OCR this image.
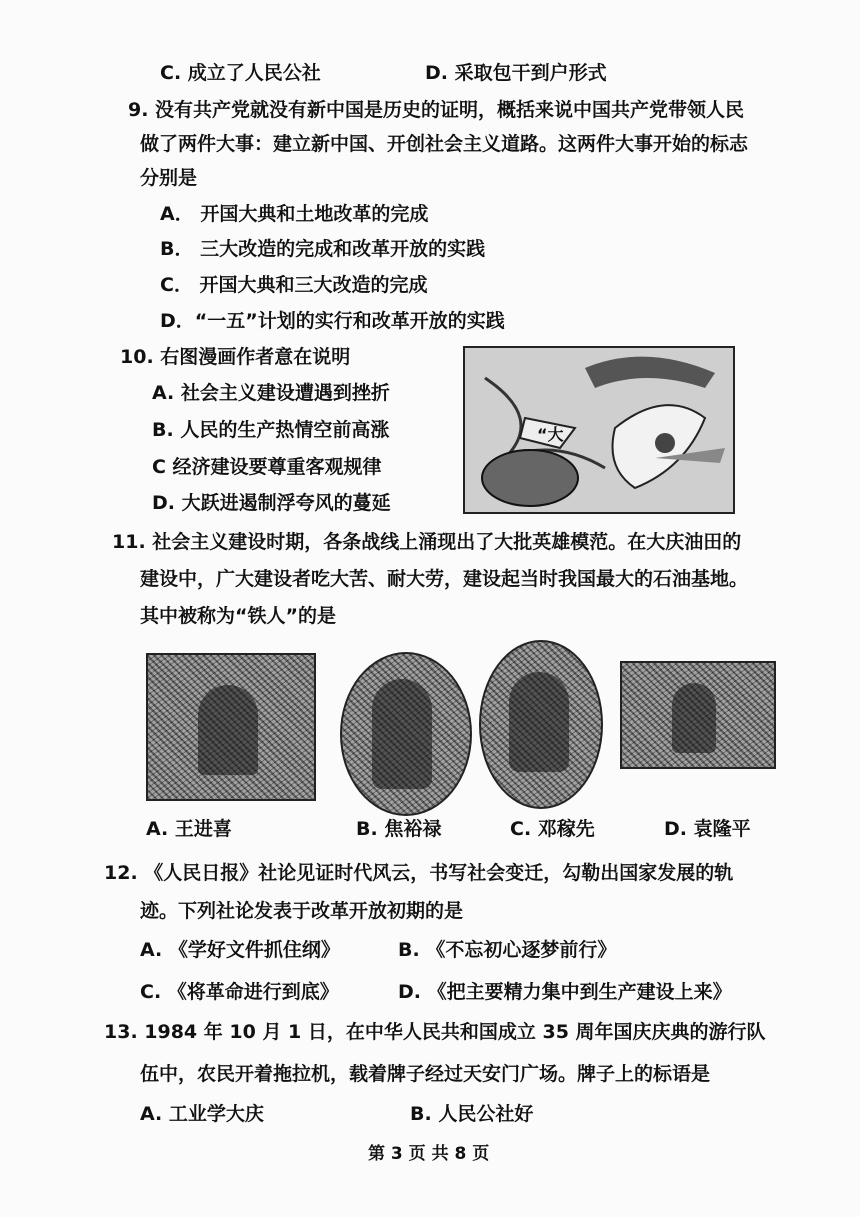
C. 成立了人民公社	D. 采取包干到户形式
9. 没有共产党就没有新中国是历史的证明，概括来说中国共产党带领人民
做了两件大事：建立新中国、开创社会主义道路。这两件大事开始的标志
分别是
A． 开国大典和土地改革的完成
B． 三大改造的完成和改革开放的实践
C． 开国大典和三大改造的完成
D．“一五”计划的实行和改革开放的实践
10. 右图漫画作者意在说明
A. 社会主义建设遭遇到挫折
B. 人民的生产热情空前高涨
C 经济建设要尊重客观规律
D. 大跃进遏制浮夸风的蔓延
“大
11. 社会主义建设时期，各条战线上涌现出了大批英雄模范。在大庆油田的
建设中，广大建设者吃大苦、耐大劳，建设起当时我国最大的石油基地。
其中被称为“铁人”的是
A. 王进喜	B. 焦裕禄	C. 邓稼先	D. 袁隆平
12. 《人民日报》社论见证时代风云，书写社会变迁，勾勒出国家发展的轨
迹。下列社论发表于改革开放初期的是
A. 《学好文件抓住纲》	B. 《不忘初心逐梦前行》
C. 《将革命进行到底》	D. 《把主要精力集中到生产建设上来》
13. 1984 年 10 月 1 日，在中华人民共和国成立 35 周年国庆庆典的游行队
伍中，农民开着拖拉机，载着牌子经过天安门广场。牌子上的标语是
A. 工业学大庆	B. 人民公社好
第 3 页 共 8 页
